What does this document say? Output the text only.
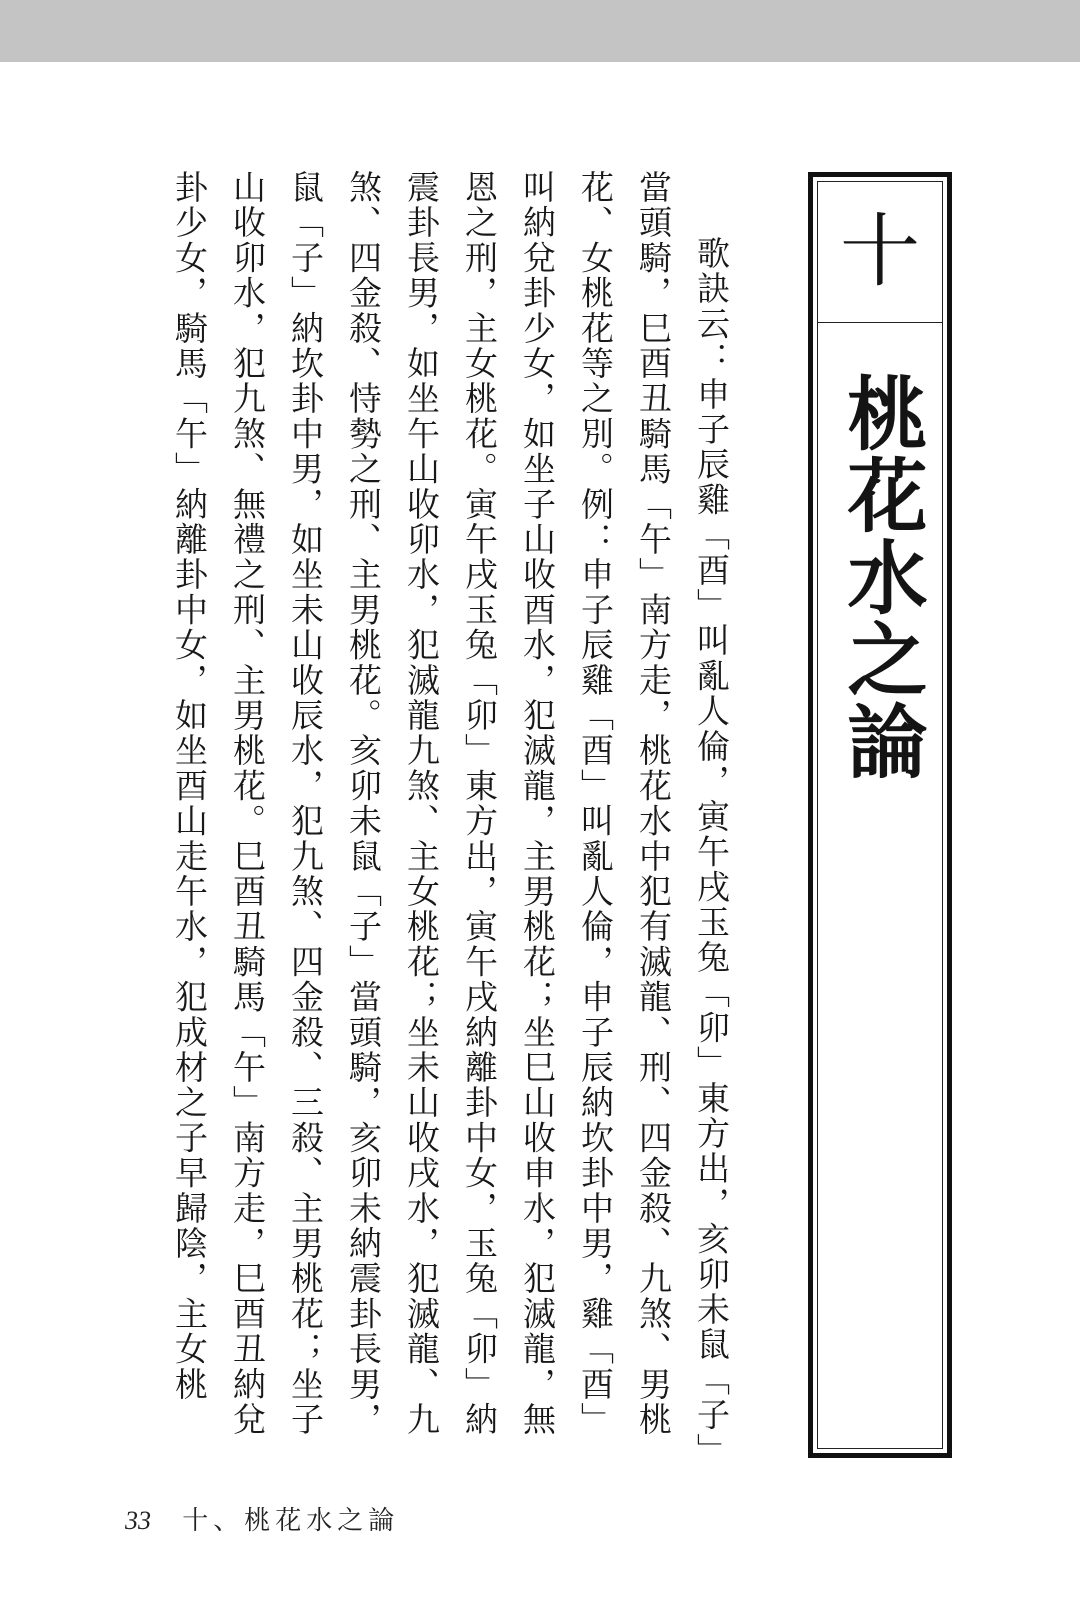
十
桃花水之論

歌訣云：申子辰雞「酉」叫亂人倫，寅午戌玉兔「卯」東方出，亥卯未鼠「子」當頭騎，巳酉丑騎馬「午」南方走，桃花水中犯有滅龍、刑、四金殺、九煞、男桃花、女桃花等之別。例：申子辰雞「酉」叫亂人倫，申子辰納坎卦中男，雞「酉」叫納兌卦少女，如坐子山收酉水，犯滅龍，主男桃花；坐巳山收申水，犯滅龍，無恩之刑，主女桃花。寅午戌玉兔「卯」東方出，寅午戌納離卦中女，玉兔「卯」納震卦長男，如坐午山收卯水，犯滅龍九煞、主女桃花；坐未山收戌水，犯滅龍、九煞、四金殺、恃勢之刑、主男桃花。亥卯未鼠「子」當頭騎，亥卯未納震卦長男，鼠「子」納坎卦中男，如坐未山收辰水，犯九煞、四金殺、三殺、主男桃花；坐子山收卯水，犯九煞、無禮之刑、主男桃花。巳酉丑騎馬「午」南方走，巳酉丑納兌卦少女，騎馬「午」納離卦中女，如坐酉山走午水，犯成材之子早歸陰，主女桃

33 十、桃花水之論
